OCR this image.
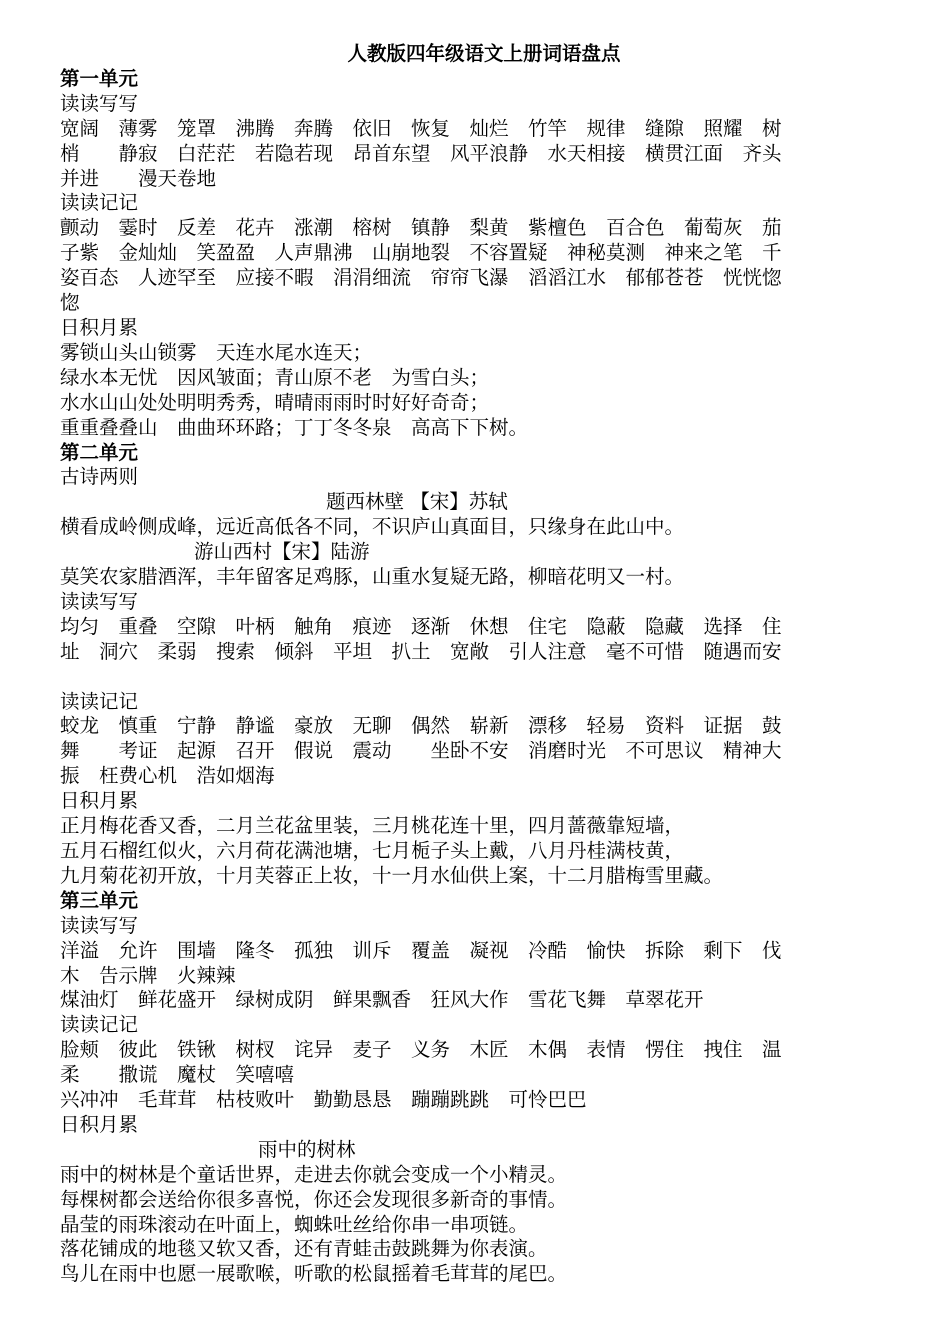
人教版四年级语文上册词语盘点
第一单元
读读写写
宽阔　薄雾　笼罩　沸腾　奔腾　依旧　恢复　灿烂　竹竿　规律　缝隙　照耀　树
梢　　静寂　白茫茫　若隐若现　昂首东望　风平浪静　水天相接　横贯江面　齐头
并进　　漫天卷地
读读记记
颤动　霎时　反差　花卉　涨潮　榕树　镇静　梨黄　紫檀色　百合色　葡萄灰　茄
子紫　金灿灿　笑盈盈　人声鼎沸　山崩地裂　不容置疑　神秘莫测　神来之笔　千
姿百态　人迹罕至　应接不暇　涓涓细流　帘帘飞瀑　滔滔江水　郁郁苍苍　恍恍惚
惚
日积月累
雾锁山头山锁雾　天连水尾水连天；
绿水本无忧　因风皱面；青山原不老　为雪白头；
水水山山处处明明秀秀，晴晴雨雨时时好好奇奇；
重重叠叠山　曲曲环环路；丁丁冬冬泉　高高下下树。
第二单元
古诗两则
题西林壁 【宋】苏轼
横看成岭侧成峰，远近高低各不同，不识庐山真面目，只缘身在此山中。
游山西村【宋】陆游
莫笑农家腊酒浑，丰年留客足鸡豚，山重水复疑无路，柳暗花明又一村。
读读写写
均匀　重叠　空隙　叶柄　触角　痕迹　逐渐　休想　住宅　隐蔽　隐藏　选择　住
址　洞穴　柔弱　搜索　倾斜　平坦　扒土　宽敞　引人注意　毫不可惜　随遇而安
读读记记
蛟龙　慎重　宁静　静谧　豪放　无聊　偶然　崭新　漂移　轻易　资料　证据　鼓
舞　　考证　起源　召开　假说　震动　　坐卧不安　消磨时光　不可思议　精神大
振　枉费心机　浩如烟海
日积月累
正月梅花香又香，二月兰花盆里装，三月桃花连十里，四月蔷薇靠短墙，
五月石榴红似火，六月荷花满池塘，七月栀子头上戴，八月丹桂满枝黄，
九月菊花初开放，十月芙蓉正上妆，十一月水仙供上案，十二月腊梅雪里藏。
第三单元
读读写写
洋溢　允许　围墙　隆冬　孤独　训斥　覆盖　凝视　冷酷　愉快　拆除　剩下　伐
木　告示牌　火辣辣
煤油灯　鲜花盛开　绿树成阴　鲜果飘香　狂风大作　雪花飞舞　草翠花开
读读记记
脸颊　彼此　铁锹　树杈　诧异　麦子　义务　木匠　木偶　表情　愣住　拽住　温
柔　　撒谎　魔杖　笑嘻嘻
兴冲冲　毛茸茸　枯枝败叶　勤勤恳恳　蹦蹦跳跳　可怜巴巴
日积月累
雨中的树林
雨中的树林是个童话世界，走进去你就会变成一个小精灵。
每棵树都会送给你很多喜悦，你还会发现很多新奇的事情。
晶莹的雨珠滚动在叶面上，蜘蛛吐丝给你串一串项链。
落花铺成的地毯又软又香，还有青蛙击鼓跳舞为你表演。
鸟儿在雨中也愿一展歌喉，听歌的松鼠摇着毛茸茸的尾巴。
